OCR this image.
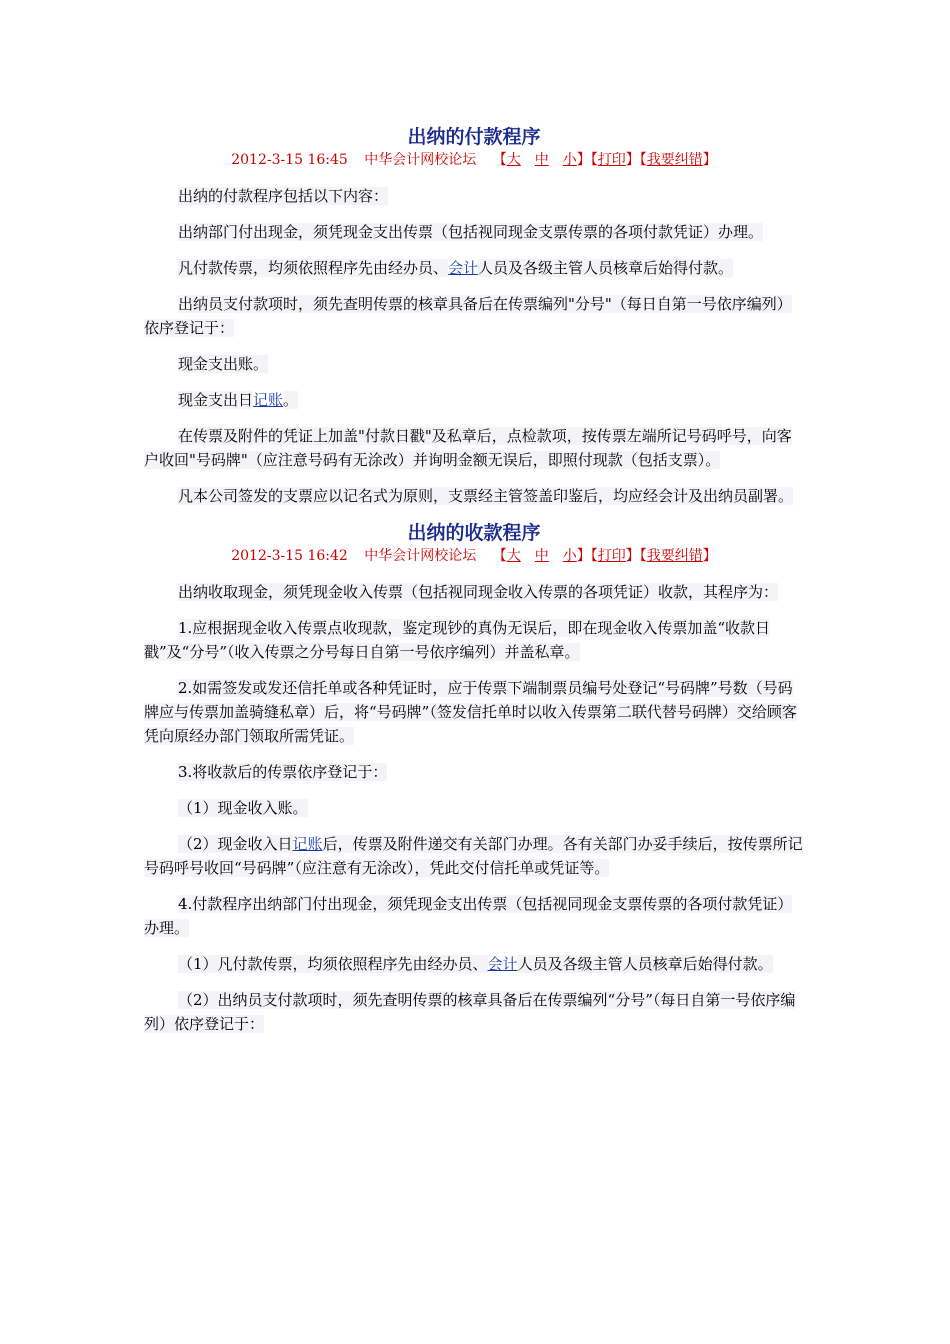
出纳的付款程序
2012-3-15 16:45 中华会计网校论坛 【大　 中　 小】【打印】【我要纠错】

出纳的付款程序包括以下内容：

出纳部门付出现金，须凭现金支出传票（包括视同现金支票传票的各项付款凭证）办理。

凡付款传票，均须依照程序先由经办员、会计人员及各级主管人员核章后始得付款。

出纳员支付款项时，须先查明传票的核章具备后在传票编列"分号"（每日自第一号依序编列）依序登记于：

现金支出账。

现金支出日记账。

在传票及附件的凭证上加盖"付款日戳"及私章后，点检款项，按传票左端所记号码呼号，向客户收回"号码牌"（应注意号码有无涂改）并询明金额无误后，即照付现款（包括支票）。

凡本公司签发的支票应以记名式为原则，支票经主管签盖印鉴后，均应经会计及出纳员副署。

出纳的收款程序
2012-3-15 16:42 中华会计网校论坛 【大　 中　 小】【打印】【我要纠错】

出纳收取现金，须凭现金收入传票（包括视同现金收入传票的各项凭证）收款，其程序为：

1.应根据现金收入传票点收现款，鉴定现钞的真伪无误后，即在现金收入传票加盖“收款日戳”及“分号”（收入传票之分号每日自第一号依序编列）并盖私章。

2.如需签发或发还信托单或各种凭证时，应于传票下端制票员编号处登记“号码牌”号数（号码牌应与传票加盖骑缝私章）后，将“号码牌”（签发信托单时以收入传票第二联代替号码牌）交给顾客凭向原经办部门领取所需凭证。

3.将收款后的传票依序登记于：

（1）现金收入账。

（2）现金收入日记账后，传票及附件递交有关部门办理。各有关部门办妥手续后，按传票所记号码呼号收回“号码牌”（应注意有无涂改），凭此交付信托单或凭证等。

4.付款程序出纳部门付出现金，须凭现金支出传票（包括视同现金支票传票的各项付款凭证）办理。

（1）凡付款传票，均须依照程序先由经办员、会计人员及各级主管人员核章后始得付款。

（2）出纳员支付款项时，须先查明传票的核章具备后在传票编列“分号”（每日自第一号依序编列）依序登记于：
